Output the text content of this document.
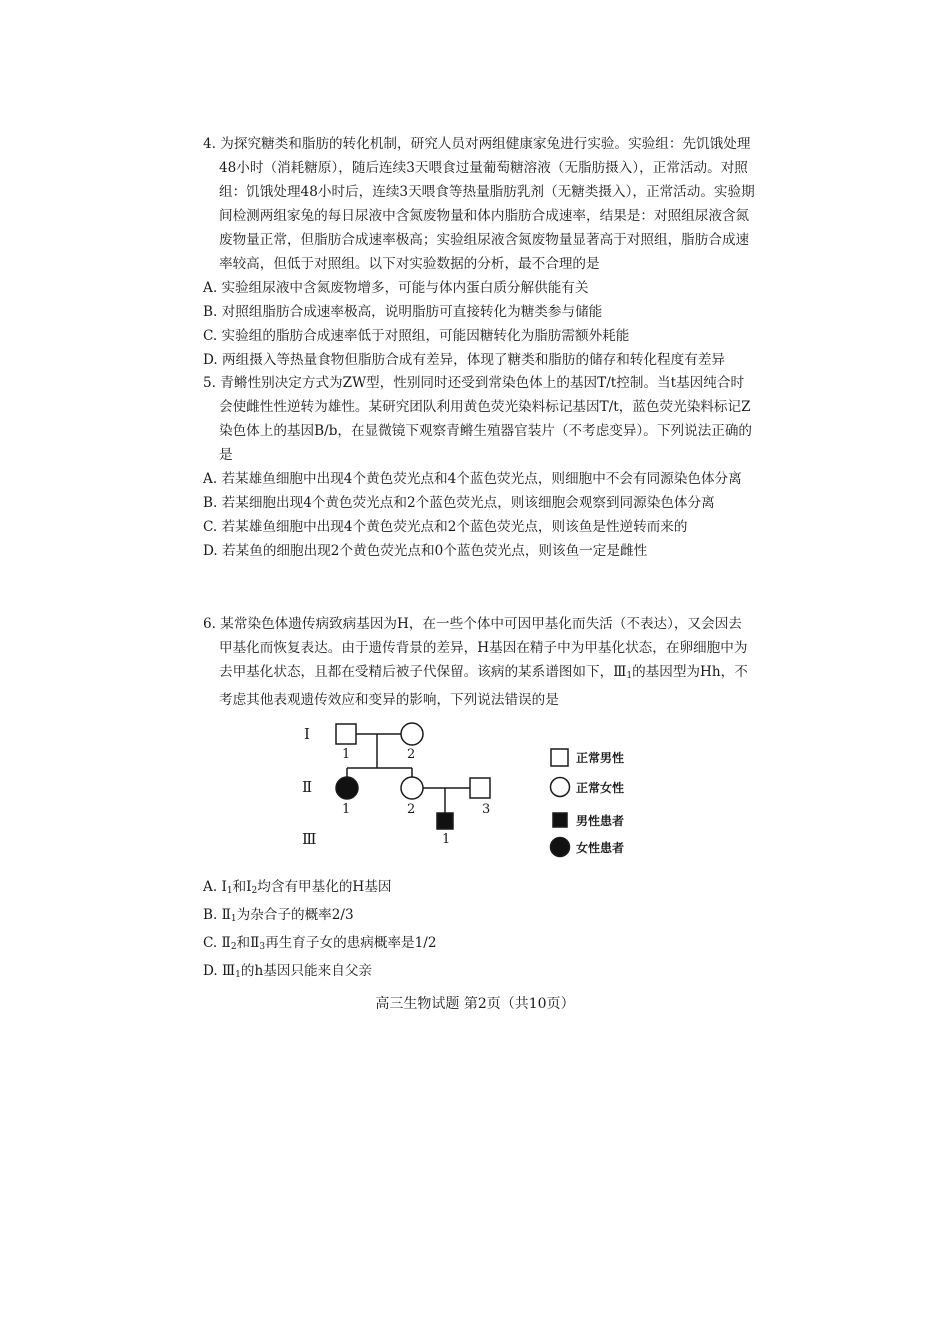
4. 为探究糖类和脂肪的转化机制，研究人员对两组健康家兔进行实验。实验组：先饥饿处理48小时（消耗糖原），随后连续3天喂食过量葡萄糖溶液（无脂肪摄入），正常活动。对照组：饥饿处理48小时后，连续3天喂食等热量脂肪乳剂（无糖类摄入），正常活动。实验期间检测两组家兔的每日尿液中含氮废物量和体内脂肪合成速率，结果是：对照组尿液含氮废物量正常，但脂肪合成速率极高；实验组尿液含氮废物量显著高于对照组，脂肪合成速率较高，但低于对照组。以下对实验数据的分析，最不合理的是

A. 实验组尿液中含氮废物增多，可能与体内蛋白质分解供能有关

B. 对照组脂肪合成速率极高，说明脂肪可直接转化为糖类参与储能

C. 实验组的脂肪合成速率低于对照组，可能因糖转化为脂肪需额外耗能

D. 两组摄入等热量食物但脂肪合成有差异，体现了糖类和脂肪的储存和转化程度有差异

5. 青鳉性别决定方式为ZW型，性别同时还受到常染色体上的基因T/t控制。当t基因纯合时会使雌性性逆转为雄性。某研究团队利用黄色荧光染料标记基因T/t，蓝色荧光染料标记Z染色体上的基因B/b，在显微镜下观察青鳉生殖器官装片（不考虑变异）。下列说法正确的是

A. 若某雄鱼细胞中出现4个黄色荧光点和4个蓝色荧光点，则细胞中不会有同源染色体分离

B. 若某细胞出现4个黄色荧光点和2个蓝色荧光点，则该细胞会观察到同源染色体分离

C. 若某雄鱼细胞中出现4个黄色荧光点和2个蓝色荧光点，则该鱼是性逆转而来的

D. 若某鱼的细胞出现2个黄色荧光点和0个蓝色荧光点，则该鱼一定是雌性

6. 某常染色体遗传病致病基因为H，在一些个体中可因甲基化而失活（不表达），又会因去甲基化而恢复表达。由于遗传背景的差异，H基因在精子中为甲基化状态，在卵细胞中为去甲基化状态，且都在受精后被子代保留。该病的某系谱图如下，$Ⅲ_1$的基因型为Hh，不考虑其他表观遗传效应和变异的影响，下列说法错误的是

I
Ⅱ
Ⅲ
1	2
1	2	3
1
正常男性
正常女性
男性患者
女性患者

A. $I_1$和$I_2$均含有甲基化的H基因

B. $Ⅱ_1$为杂合子的概率2/3

C. $Ⅱ_2$和$Ⅱ_3$再生育子女的患病概率是1/2

D. $Ⅲ_1$的h基因只能来自父亲

高三生物试题 第2页（共10页）
